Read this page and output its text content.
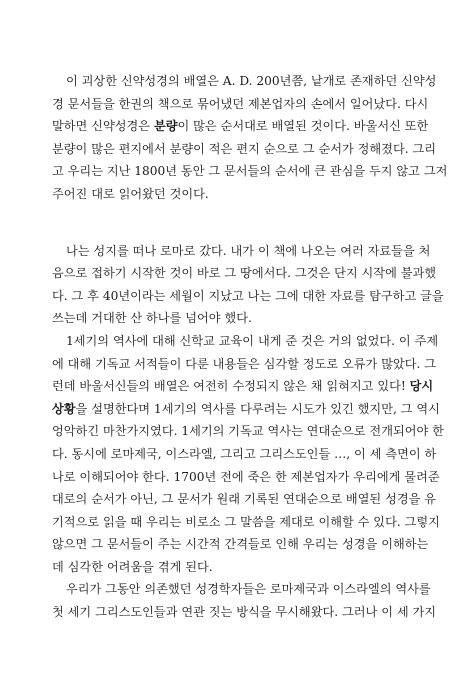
이 괴상한 신약성경의 배열은 A. D. 200년쯤, 낱개로 존재하던 신약성
경 문서들을 한권의 책으로 묶어냈던 제본업자의 손에서 일어났다. 다시
말하면 신약성경은 분량이 많은 순서대로 배열된 것이다. 바울서신 또한
분량이 많은 편지에서 분량이 적은 편지 순으로 그 순서가 정해졌다. 그리
고 우리는 지난 1800년 동안 그 문서들의 순서에 큰 관심을 두지 않고 그저
주어진 대로 읽어왔던 것이다.
나는 성지를 떠나 로마로 갔다. 내가 이 책에 나오는 여러 자료들을 처
음으로 접하기 시작한 것이 바로 그 땅에서다. 그것은 단지 시작에 불과했
다. 그 후 40년이라는 세월이 지났고 나는 그에 대한 자료를 탐구하고 글을
쓰는데 거대한 산 하나를 넘어야 했다.
1세기의 역사에 대해 신학교 교육이 내게 준 것은 거의 없었다. 이 주제
에 대해 기독교 서적들이 다룬 내용들은 심각할 정도로 오류가 많았다. 그
런데 바울서신들의 배열은 여전히 수정되지 않은 채 읽혀지고 있다! 당시
상황을 설명한다며 1세기의 역사를 다루려는 시도가 있긴 했지만, 그 역시
엉악하긴 마찬가지였다. 1세기의 기독교 역사는 연대순으로 전개되어야 한
다. 동시에 로마제국, 이스라엘, 그리고 그리스도인들 …, 이 세 측면이 하
나로 이해되어야 한다. 1700년 전에 죽은 한 제본업자가 우리에게 물려준
대로의 순서가 아닌, 그 문서가 원래 기록된 연대순으로 배열된 성경을 유
기적으로 읽을 때 우리는 비로소 그 말씀을 제대로 이해할 수 있다. 그렇지
않으면 그 문서들이 주는 시간적 간격들로 인해 우리는 성경을 이해하는
데 심각한 어려움을 겪게 된다.
우리가 그동안 의존했던 성경학자들은 로마제국과 이스라엘의 역사를
첫 세기 그리스도인들과 연관 짓는 방식을 무시해왔다. 그러나 이 세 가지
